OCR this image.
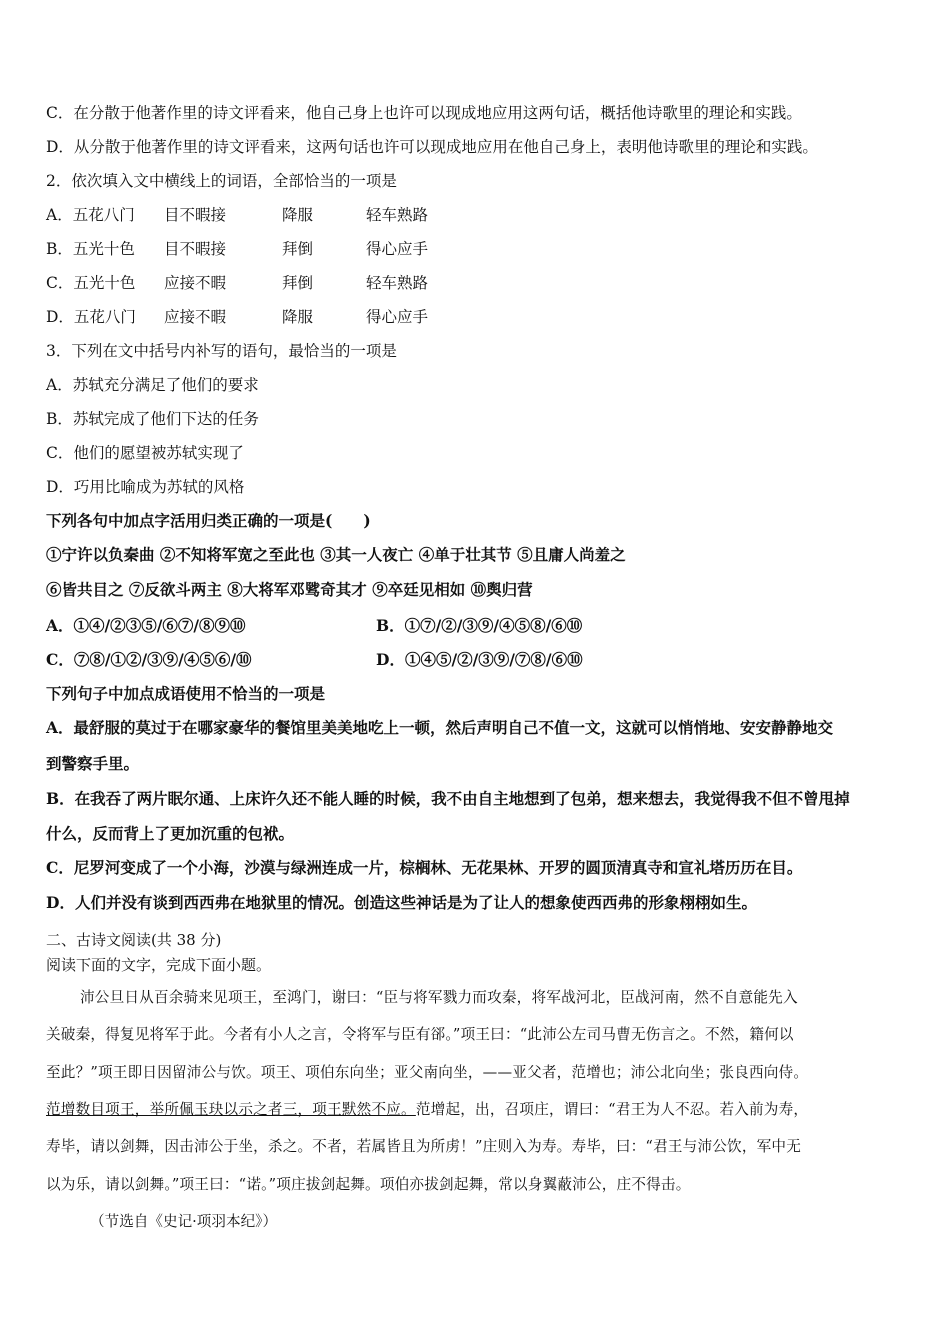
C．在分散于他著作里的诗文评看来，他自己身上也许可以现成地应用这两句话，概括他诗歌里的理论和实践。
D．从分散于他著作里的诗文评看来，这两句话也许可以现成地应用在他自己身上，表明他诗歌里的理论和实践。
2．依次填入文中横线上的词语，全部恰当的一项是
A．五花八门 目不暇接	降服	轻车熟路
B．五光十色 目不暇接	拜倒	得心应手
C．五光十色 应接不暇	拜倒	轻车熟路
D．五花八门 应接不暇	降服	得心应手
3．下列在文中括号内补写的语句，最恰当的一项是
A．苏轼充分满足了他们的要求
B．苏轼完成了他们下达的任务
C．他们的愿望被苏轼实现了
D．巧用比喻成为苏轼的风格
下列各句中加点字活用归类正确的一项是(　　)
①宁许以负秦曲 ②不知将军宽之至此也 ③其一人夜亡 ④单于壮其节 ⑤且庸人尚羞之
⑥皆共目之 ⑦反欲斗两主 ⑧大将军邓骘奇其才 ⑨卒廷见相如 ⑩舆归营
A．①④/②③⑤/⑥⑦/⑧⑨⑩	B．①⑦/②/③⑨/④⑤⑧/⑥⑩
C．⑦⑧/①②/③⑨/④⑤⑥/⑩	D．①④⑤/②/③⑨/⑦⑧/⑥⑩
下列句子中加点成语使用不恰当的一项是
A．最舒服的莫过于在哪家豪华的餐馆里美美地吃上一顿，然后声明自己不值一文，这就可以悄悄地、安安静静地交
到警察手里。
B．在我吞了两片眠尔通、上床许久还不能人睡的时候，我不由自主地想到了包弟，想来想去，我觉得我不但不曾甩掉
什么，反而背上了更加沉重的包袱。
C．尼罗河变成了一个小海，沙漠与绿洲连成一片，棕榈林、无花果林、开罗的圆顶清真寺和宣礼塔历历在目。
D．人们并没有谈到西西弗在地狱里的情况。创造这些神话是为了让人的想象使西西弗的形象栩栩如生。
二、古诗文阅读(共 38 分)
阅读下面的文字，完成下面小题。
沛公旦日从百余骑来见项王，至鸿门，谢曰：“臣与将军戮力而攻秦，将军战河北，臣战河南，然不自意能先入
关破秦，得复见将军于此。今者有小人之言，令将军与臣有郤。”项王曰：“此沛公左司马曹无伤言之。不然，籍何以
至此？”项王即日因留沛公与饮。项王、项伯东向坐；亚父南向坐，——亚父者，范增也；沛公北向坐；张良西向侍。
范增数目项王，举所佩玉玦以示之者三，项王默然不应。范增起，出，召项庄，谓曰：“君王为人不忍。若入前为寿，
寿毕，请以剑舞，因击沛公于坐，杀之。不者，若属皆且为所虏！”庄则入为寿。寿毕，曰：“君王与沛公饮，军中无
以为乐，请以剑舞。”项王曰：“诺。”项庄拔剑起舞。项伯亦拔剑起舞，常以身翼蔽沛公，庄不得击。
（节选自《史记·项羽本纪》）
